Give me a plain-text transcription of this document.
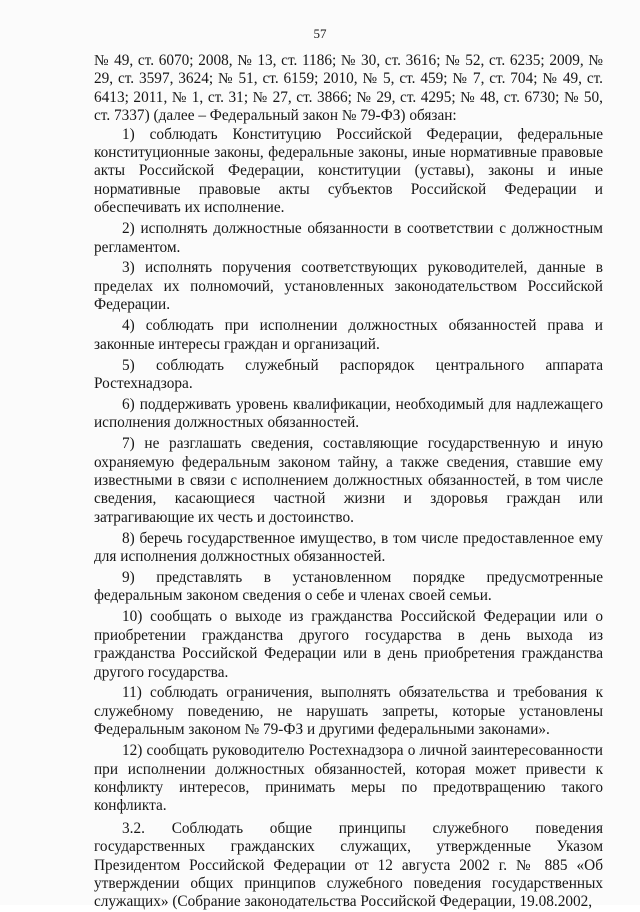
57

№ 49, ст. 6070; 2008, № 13, ст. 1186; № 30, ст. 3616; № 52, ст. 6235; 2009, № 29, ст. 3597, 3624; № 51, ст. 6159; 2010, № 5, ст. 459; № 7, ст. 704; № 49, ст. 6413; 2011, № 1, ст. 31; № 27, ст. 3866; № 29, ст. 4295; № 48, ст. 6730; № 50, ст. 7337) (далее – Федеральный закон № 79-ФЗ) обязан:

1) соблюдать Конституцию Российской Федерации, федеральные конституционные законы, федеральные законы, иные нормативные правовые акты Российской Федерации, конституции (уставы), законы и иные нормативные правовые акты субъектов Российской Федерации и обеспечивать их исполнение.

2) исполнять должностные обязанности в соответствии с должностным регламентом.

3) исполнять поручения соответствующих руководителей, данные в пределах их полномочий, установленных законодательством Российской Федерации.

4) соблюдать при исполнении должностных обязанностей права и законные интересы граждан и организаций.

5) соблюдать служебный распорядок центрального аппарата Ростехнадзора.

6) поддерживать уровень квалификации, необходимый для надлежащего исполнения должностных обязанностей.

7) не разглашать сведения, составляющие государственную и иную охраняемую федеральным законом тайну, а также сведения, ставшие ему известными в связи с исполнением должностных обязанностей, в том числе сведения, касающиеся частной жизни и здоровья граждан или затрагивающие их честь и достоинство.

8) беречь государственное имущество, в том числе предоставленное ему для исполнения должностных обязанностей.

9) представлять в установленном порядке предусмотренные федеральным законом сведения о себе и членах своей семьи.

10) сообщать о выходе из гражданства Российской Федерации или о приобретении гражданства другого государства в день выхода из гражданства Российской Федерации или в день приобретения гражданства другого государства.

11) соблюдать ограничения, выполнять обязательства и требования к служебному поведению, не нарушать запреты, которые установлены Федеральным законом № 79-ФЗ и другими федеральными законами».

12) сообщать руководителю Ростехнадзора о личной заинтересованности при исполнении должностных обязанностей, которая может привести к конфликту интересов, принимать меры по предотвращению такого конфликта.

3.2. Соблюдать общие принципы служебного поведения государственных гражданских служащих, утвержденные Указом Президентом Российской Федерации от 12 августа 2002 г. № 885 «Об утверждении общих принципов служебного поведения государственных служащих» (Собрание законодательства Российской Федерации, 19.08.2002,
